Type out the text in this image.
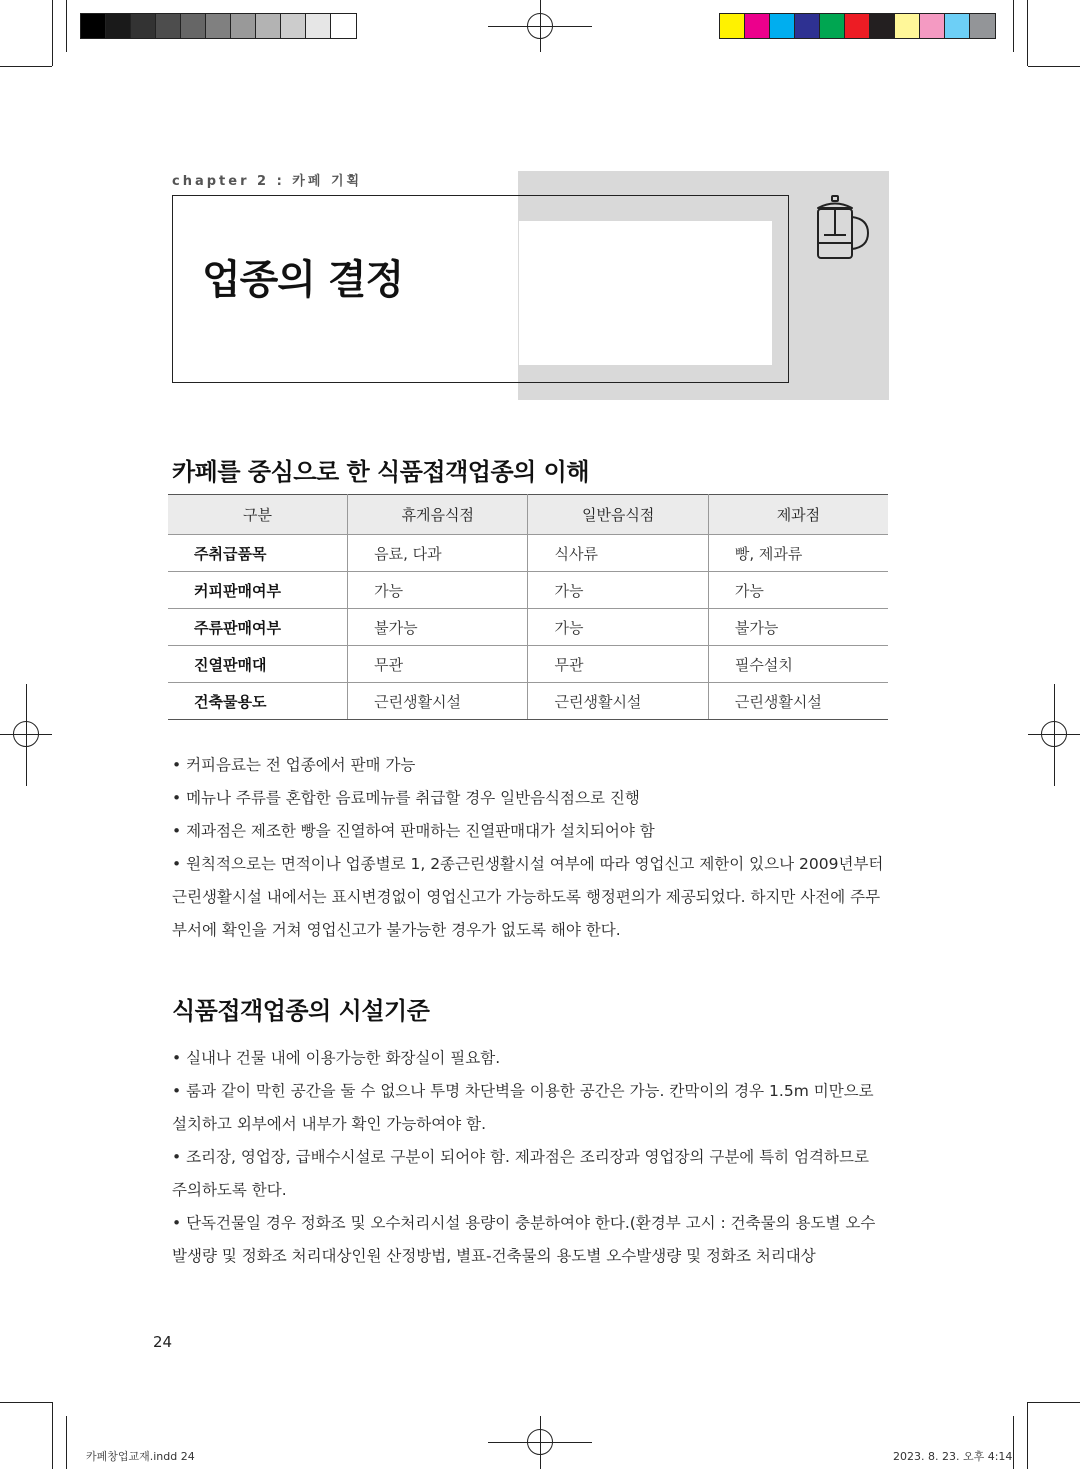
chapter 2 : 카페 기획
업종의 결정
카페를 중심으로 한 식품접객업종의 이해
구분	휴게음식점	일반음식점	제과점
주취급품목	음료, 다과	식사류	빵, 제과류
커피판매여부	가능	가능	가능
주류판매여부	불가능	가능	불가능
진열판매대	무관	무관	필수설치
건축물용도	근린생활시설	근린생활시설	근린생활시설

• 커피음료는 전 업종에서 판매 가능

• 메뉴나 주류를 혼합한 음료메뉴를 취급할 경우 일반음식점으로 진행

• 제과점은 제조한 빵을 진열하여 판매하는 진열판매대가 설치되어야 함

• 원칙적으로는 면적이나 업종별로 1, 2종근린생활시설 여부에 따라 영업신고 제한이 있으나 2009년부터 근린생활시설 내에서는 표시변경없이 영업신고가 가능하도록 행정편의가 제공되었다. 하지만 사전에 주무부서에 확인을 거쳐 영업신고가 불가능한 경우가 없도록 해야 한다.

식품접객업종의 시설기준

• 실내나 건물 내에 이용가능한 화장실이 필요함.

• 룸과 같이 막힌 공간을 둘 수 없으나 투명 차단벽을 이용한 공간은 가능. 칸막이의 경우 1.5m 미만으로 설치하고 외부에서 내부가 확인 가능하여야 함.

• 조리장, 영업장, 급배수시설로 구분이 되어야 함. 제과점은 조리장과 영업장의 구분에 특히 엄격하므로 주의하도록 한다.

• 단독건물일 경우 정화조 및 오수처리시설 용량이 충분하여야 한다.(환경부 고시 : 건축물의 용도별 오수발생량 및 정화조 처리대상인원 산정방법, 별표-건축물의 용도별 오수발생량 및 정화조 처리대상

24
카페창업교재.indd 24	2023. 8. 23. 오후 4:14
